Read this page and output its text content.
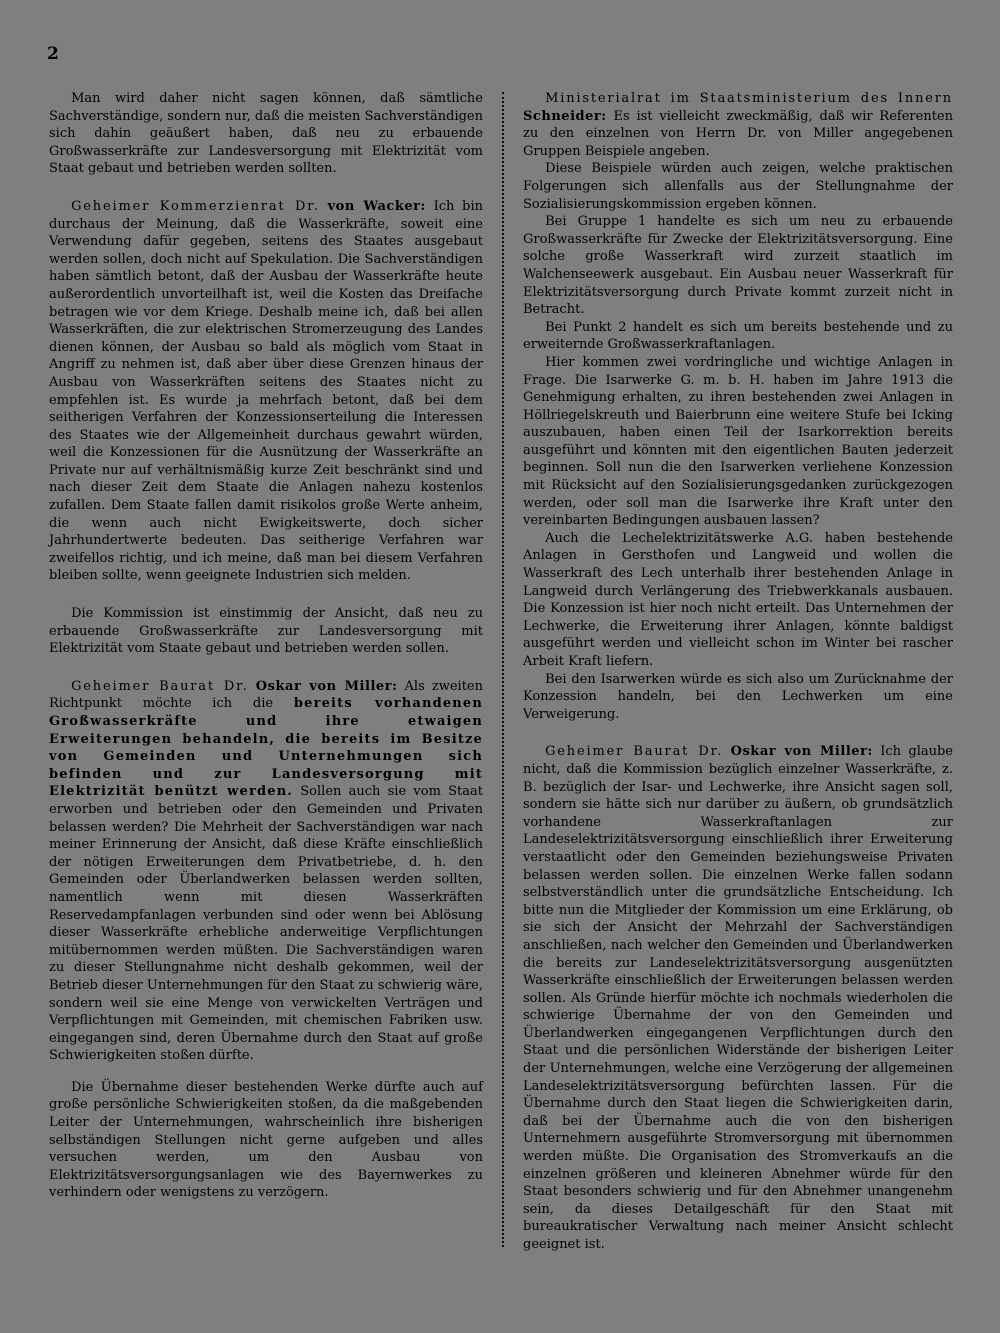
2

Man wird daher nicht sagen können, daß sämtliche Sachverständige, sondern nur, daß die meisten Sachverständigen sich dahin geäußert haben, daß neu zu erbauende Großwasserkräfte zur Landesversorgung mit Elektrizität vom Staat gebaut und betrieben werden sollten.

Geheimer Kommerzienrat Dr. von Wacker: Ich bin durchaus der Meinung, daß die Wasserkräfte, soweit eine Verwendung dafür gegeben, seitens des Staates ausgebaut werden sollen, doch nicht auf Spekulation. Die Sachverständigen haben sämtlich betont, daß der Ausbau der Wasserkräfte heute außerordentlich unvorteilhaft ist, weil die Kosten das Dreifache betragen wie vor dem Kriege. Deshalb meine ich, daß bei allen Wasserkräften, die zur elektrischen Stromerzeugung des Landes dienen können, der Ausbau so bald als möglich vom Staat in Angriff zu nehmen ist, daß aber über diese Grenzen hinaus der Ausbau von Wasserkräften seitens des Staates nicht zu empfehlen ist. Es wurde ja mehrfach betont, daß bei dem seitherigen Verfahren der Konzessionserteilung die Interessen des Staates wie der Allgemeinheit durchaus gewahrt würden, weil die Konzessionen für die Ausnützung der Wasserkräfte an Private nur auf verhältnismäßig kurze Zeit beschränkt sind und nach dieser Zeit dem Staate die Anlagen nahezu kostenlos zufallen. Dem Staate fallen damit risikolos große Werte anheim, die wenn auch nicht Ewigkeitswerte, doch sicher Jahrhundertwerte bedeuten. Das seitherige Verfahren war zweifellos richtig, und ich meine, daß man bei diesem Verfahren bleiben sollte, wenn geeignete Industrien sich melden.

Die Kommission ist einstimmig der Ansicht, daß neu zu erbauende Großwasserkräfte zur Landesversorgung mit Elektrizität vom Staate gebaut und betrieben werden sollen.

Geheimer Baurat Dr. Oskar von Miller: Als zweiten Richtpunkt möchte ich die bereits vorhandenen Großwasserkräfte und ihre etwaigen Erweiterungen behandeln, die bereits im Besitze von Gemeinden und Unternehmungen sich befinden und zur Landesversorgung mit Elektrizität benützt werden. Sollen auch sie vom Staat erworben und betrieben oder den Gemeinden und Privaten belassen werden? Die Mehrheit der Sachverständigen war nach meiner Erinnerung der Ansicht, daß diese Kräfte einschließlich der nötigen Erweiterungen dem Privatbetriebe, d. h. den Gemeinden oder Überlandwerken belassen werden sollten, namentlich wenn mit diesen Wasserkräften Reservedampfanlagen verbunden sind oder wenn bei Ablösung dieser Wasserkräfte erhebliche anderweitige Verpflichtungen mitübernommen werden müßten. Die Sachverständigen waren zu dieser Stellungnahme nicht deshalb gekommen, weil der Betrieb dieser Unternehmungen für den Staat zu schwierig wäre, sondern weil sie eine Menge von verwickelten Verträgen und Verpflichtungen mit Gemeinden, mit chemischen Fabriken usw. eingegangen sind, deren Übernahme durch den Staat auf große Schwierigkeiten stoßen dürfte.

Die Übernahme dieser bestehenden Werke dürfte auch auf große persönliche Schwierigkeiten stoßen, da die maßgebenden Leiter der Unternehmungen, wahrscheinlich ihre bisherigen selbständigen Stellungen nicht gerne aufgeben und alles versuchen werden, um den Ausbau von Elektrizitätsversorgungsanlagen wie des Bayernwerkes zu verhindern oder wenigstens zu verzögern.

Ministerialrat im Staatsministerium des Innern Schneider: Es ist vielleicht zweckmäßig, daß wir Referenten zu den einzelnen von Herrn Dr. von Miller angegebenen Gruppen Beispiele angeben.

Diese Beispiele würden auch zeigen, welche praktischen Folgerungen sich allenfalls aus der Stellungnahme der Sozialisierungskommission ergeben können.

Bei Gruppe 1 handelte es sich um neu zu erbauende Großwasserkräfte für Zwecke der Elektrizitätsversorgung. Eine solche große Wasserkraft wird zurzeit staatlich im Walchenseewerk ausgebaut. Ein Ausbau neuer Wasserkraft für Elektrizitätsversorgung durch Private kommt zurzeit nicht in Betracht.

Bei Punkt 2 handelt es sich um bereits bestehende und zu erweiternde Großwasserkraftanlagen.

Hier kommen zwei vordringliche und wichtige Anlagen in Frage. Die Isarwerke G. m. b. H. haben im Jahre 1913 die Genehmigung erhalten, zu ihren bestehenden zwei Anlagen in Höllriegelskreuth und Baierbrunn eine weitere Stufe bei Icking auszubauen, haben einen Teil der Isarkorrektion bereits ausgeführt und könnten mit den eigentlichen Bauten jederzeit beginnen. Soll nun die den Isarwerken verliehene Konzession mit Rücksicht auf den Sozialisierungsgedanken zurückgezogen werden, oder soll man die Isarwerke ihre Kraft unter den vereinbarten Bedingungen ausbauen lassen?

Auch die Lechelektrizitätswerke A.G. haben bestehende Anlagen in Gersthofen und Langweid und wollen die Wasserkraft des Lech unterhalb ihrer bestehenden Anlage in Langweid durch Verlängerung des Triebwerkkanals ausbauen. Die Konzession ist hier noch nicht erteilt. Das Unternehmen der Lechwerke, die Erweiterung ihrer Anlagen, könnte baldigst ausgeführt werden und vielleicht schon im Winter bei rascher Arbeit Kraft liefern.

Bei den Isarwerken würde es sich also um Zurücknahme der Konzession handeln, bei den Lechwerken um eine Verweigerung.

Geheimer Baurat Dr. Oskar von Miller: Ich glaube nicht, daß die Kommission bezüglich einzelner Wasserkräfte, z. B. bezüglich der Isar- und Lechwerke, ihre Ansicht sagen soll, sondern sie hätte sich nur darüber zu äußern, ob grundsätzlich vorhandene Wasserkraftanlagen zur Landeselektrizitätsversorgung einschließlich ihrer Erweiterung verstaatlicht oder den Gemeinden beziehungsweise Privaten belassen werden sollen. Die einzelnen Werke fallen sodann selbstverständlich unter die grundsätzliche Entscheidung. Ich bitte nun die Mitglieder der Kommission um eine Erklärung, ob sie sich der Ansicht der Mehrzahl der Sachverständigen anschließen, nach welcher den Gemeinden und Überlandwerken die bereits zur Landeselektrizitätsversorgung ausgenützten Wasserkräfte einschließlich der Erweiterungen belassen werden sollen. Als Gründe hierfür möchte ich nochmals wiederholen die schwierige Übernahme der von den Gemeinden und Überlandwerken eingegangenen Verpflichtungen durch den Staat und die persönlichen Widerstände der bisherigen Leiter der Unternehmungen, welche eine Verzögerung der allgemeinen Landeselektrizitätsversorgung befürchten lassen. Für die Übernahme durch den Staat liegen die Schwierigkeiten darin, daß bei der Übernahme auch die von den bisherigen Unternehmern ausgeführte Stromversorgung mit übernommen werden müßte. Die Organisation des Stromverkaufs an die einzelnen größeren und kleineren Abnehmer würde für den Staat besonders schwierig und für den Abnehmer unangenehm sein, da dieses Detailgeschäft für den Staat mit bureaukratischer Verwaltung nach meiner Ansicht schlecht geeignet ist.
